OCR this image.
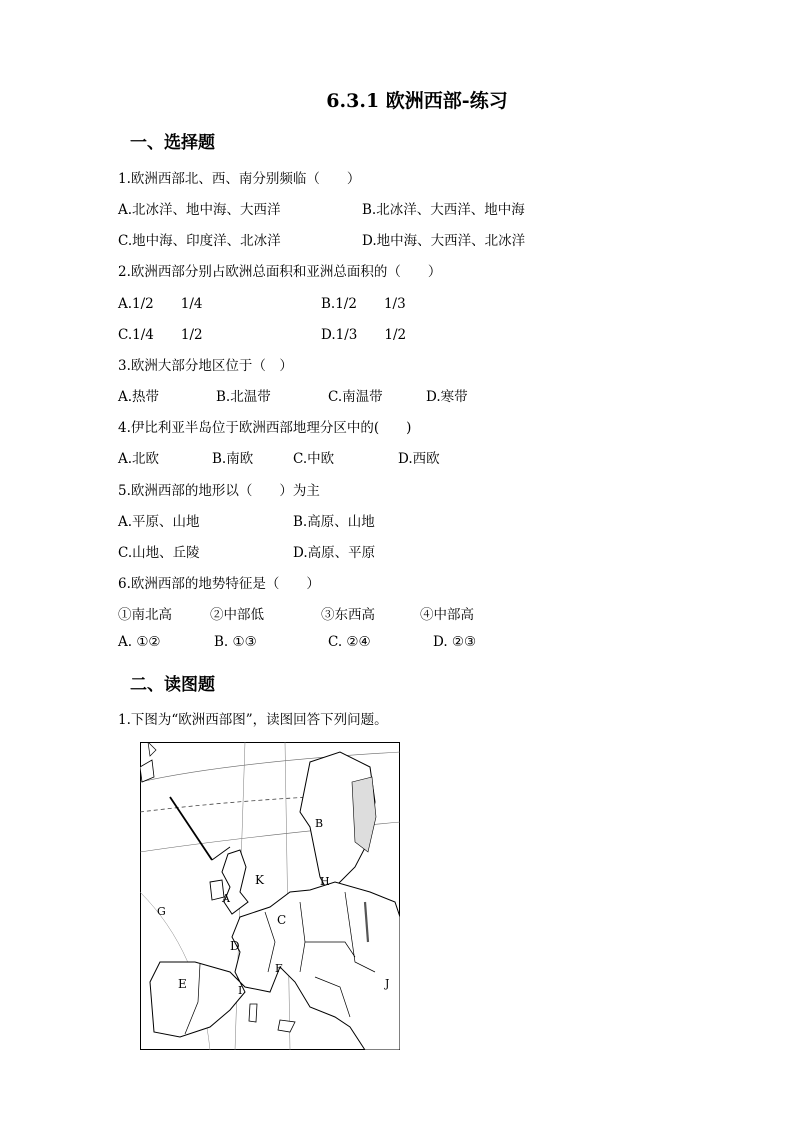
6.3.1 欧洲西部-练习
一、选择题
1.欧洲西部北、西、南分别频临（　　）
A.北冰洋、地中海、大西洋	B.北冰洋、大西洋、地中海
C.地中海、印度洋、北冰洋	D.地中海、大西洋、北冰洋
2.欧洲西部分别占欧洲总面积和亚洲总面积的（　　）
A.1/2　　1/4	B.1/2　　1/3
C.1/4　　1/2	D.1/3　　1/2
3.欧洲大部分地区位于（　）
A.热带	B.北温带	C.南温带	D.寒带
4.伊比利亚半岛位于欧洲西部地理分区中的(　　)
A.北欧	B.南欧	C.中欧	D.西欧
5.欧洲西部的地形以（　　）为主
A.平原、山地	B.高原、山地
C.山地、丘陵	D.高原、平原
6.欧洲西部的地势特征是（　　）
①南北高	②中部低	③东西高	④中部高
A. ①②	B. ①③	C. ②④	D. ②③
二、读图题
1.下图为“欧洲西部图”，读图回答下列问题。
B
K	H
A
G
C
D
F
E	I
J
